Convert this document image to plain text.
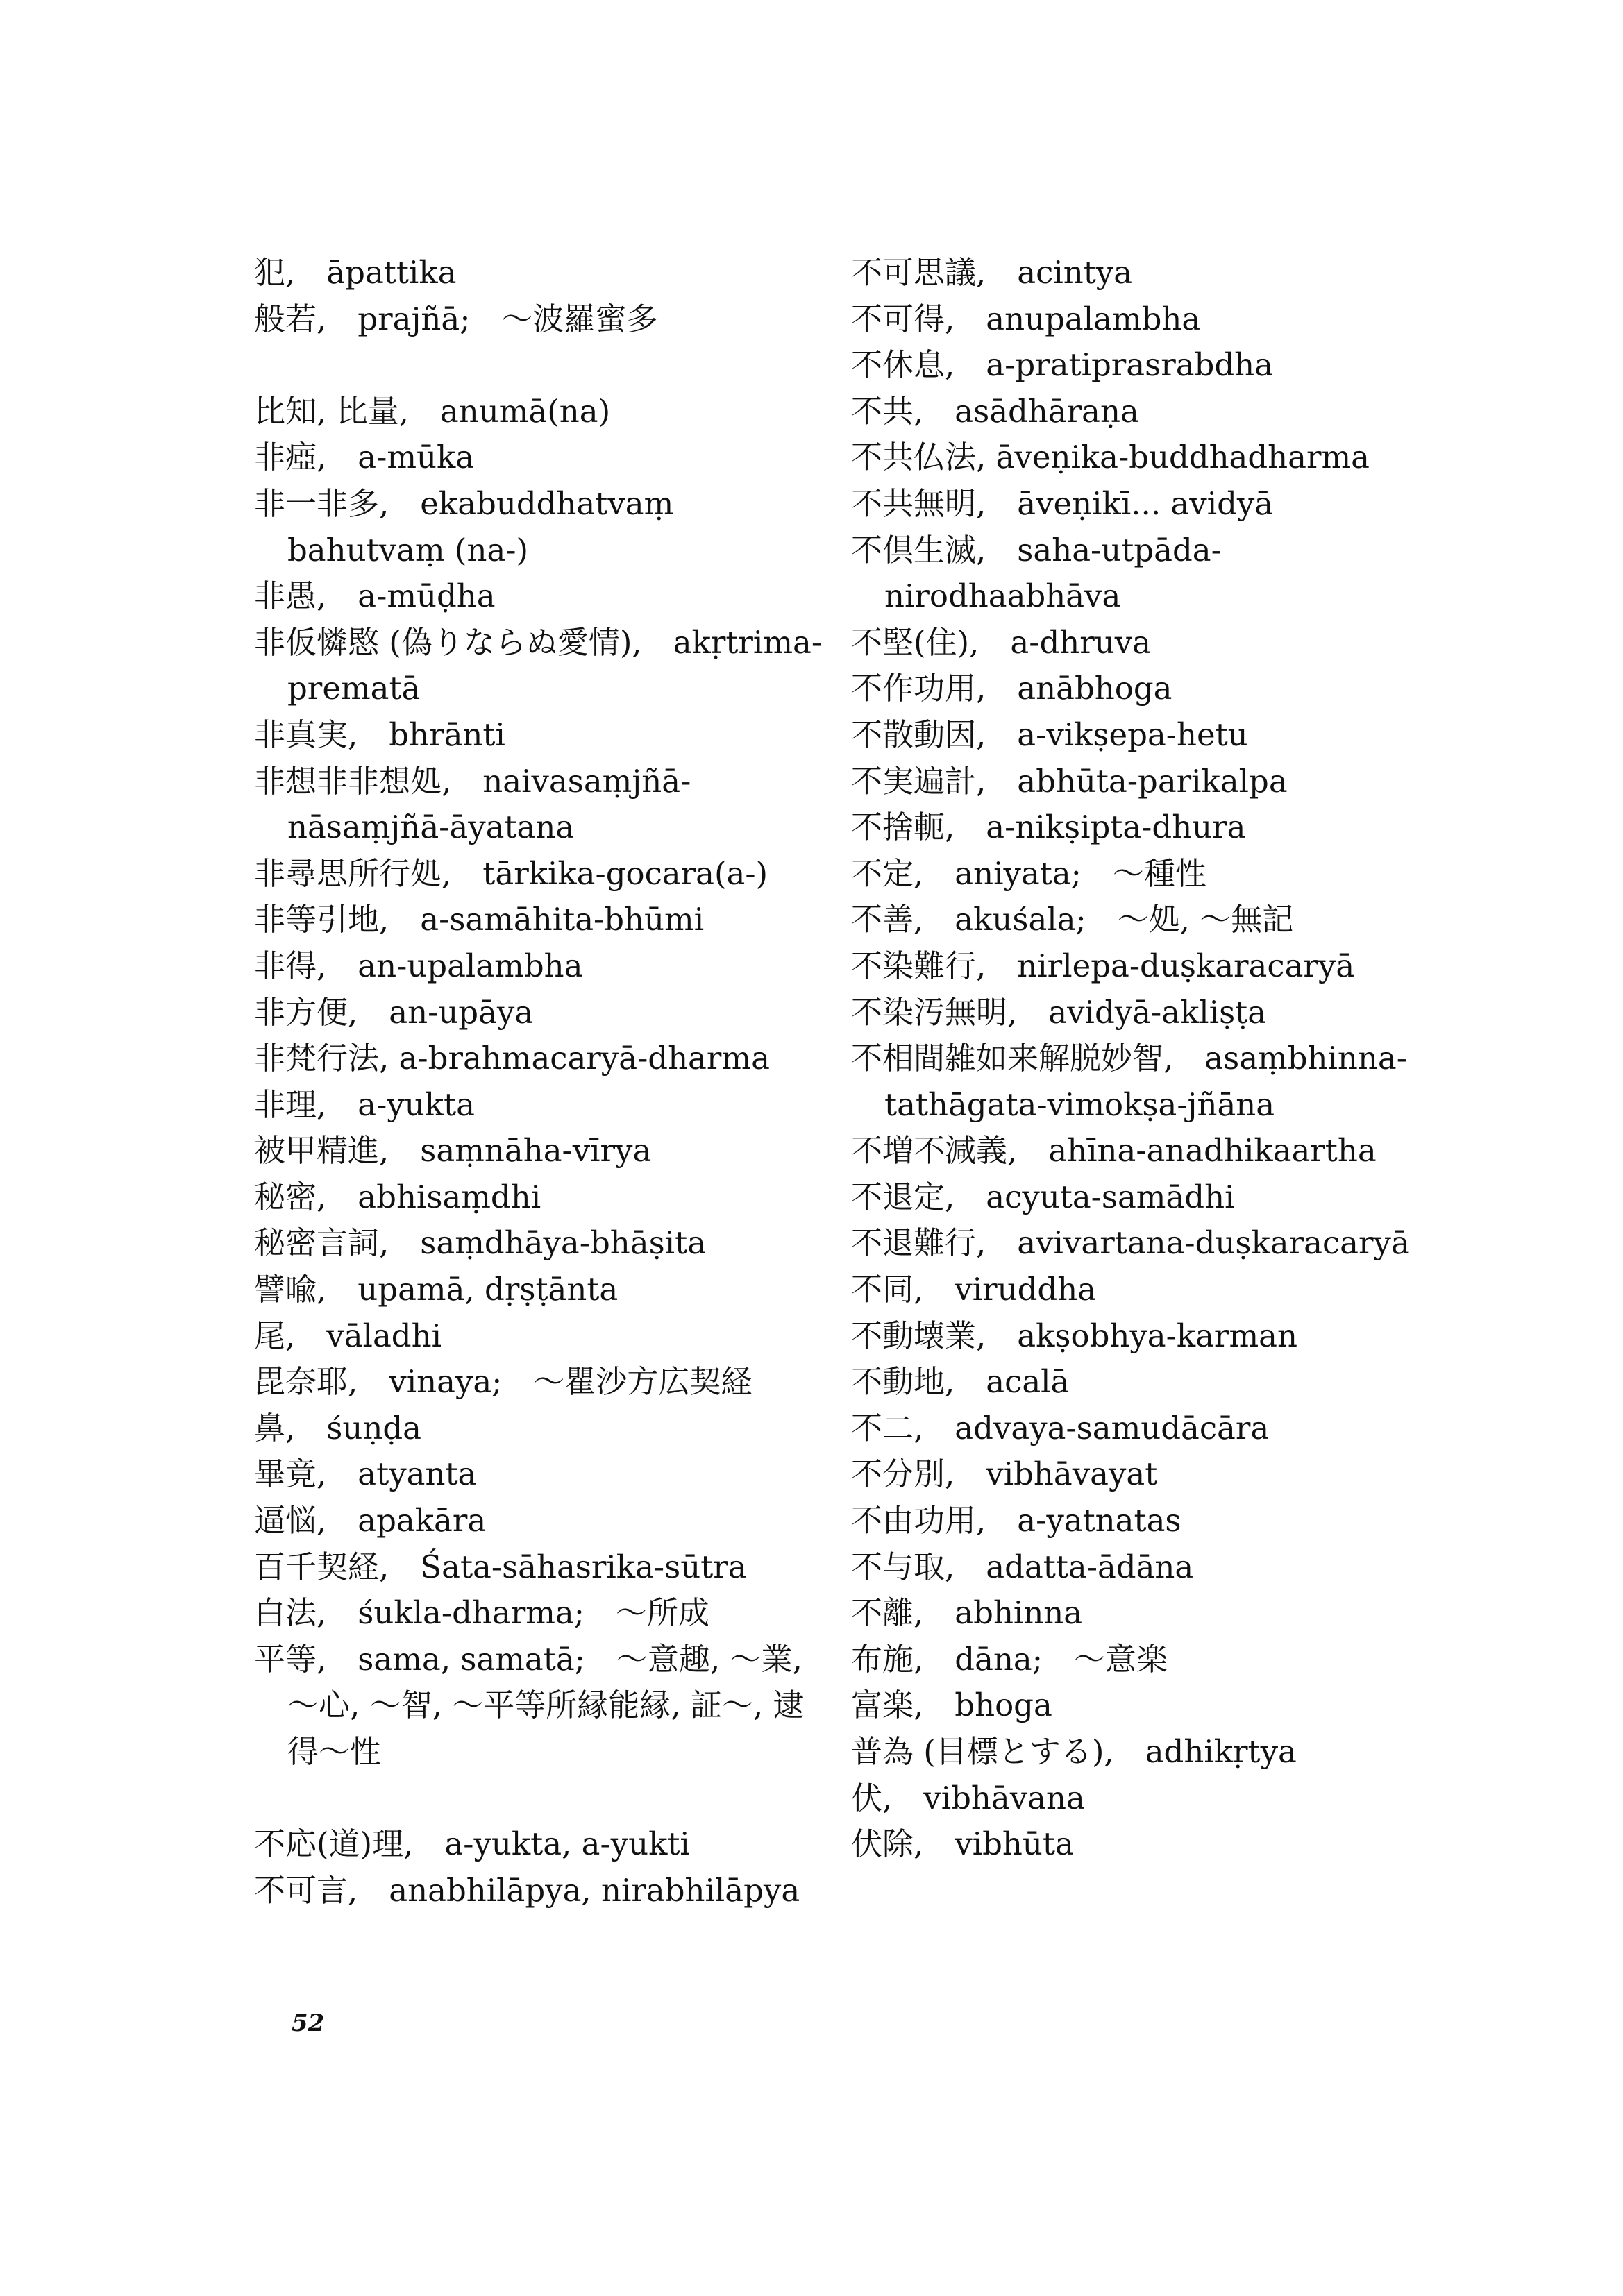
犯,　āpattika
般若,　prajñā;　〜波羅蜜多
比知, 比量,　anumā(na)
非瘂,　a-mūka
非一非多,　ekabuddhatvaṃ bahutvaṃ (na-)
非愚,　a-mūḍha
非仮憐愍 (偽りならぬ愛情),　akṛtrima-prematā
非真実,　bhrānti
非想非非想処,　naivasaṃjñā-nāsaṃjñā-āyatana
非尋思所行処,　tārkika-gocara(a-)
非等引地,　a-samāhita-bhūmi
非得,　an-upalambha
非方便,　an-upāya
非梵行法, a-brahmacaryā-dharma
非理,　a-yukta
被甲精進,　saṃnāha-vīrya
秘密,　abhisaṃdhi
秘密言詞,　saṃdhāya-bhāṣita
譬喩,　upamā, dṛṣṭānta
尾,　vāladhi
毘奈耶,　vinaya;　〜瞿沙方広契経
鼻,　śuṇḍa
畢竟,　atyanta
逼悩,　apakāra
百千契経,　Śata-sāhasrika-sūtra
白法,　śukla-dharma;　〜所成
平等,　sama, samatā;　〜意趣, 〜業, 〜心, 〜智, 〜平等所縁能縁, 証〜, 逮得〜性
不応(道)理,　a-yukta, a-yukti
不可言,　anabhilāpya, nirabhilāpya
不可思議,　acintya
不可得,　anupalambha
不休息,　a-pratiprasrabdha
不共,　asādhāraṇa
不共仏法, āveṇika-buddhadharma
不共無明,　āveṇikī... avidyā
不倶生滅,　saha-utpāda-nirodhaabhāva
不堅(住),　a-dhruva
不作功用,　anābhoga
不散動因,　a-vikṣepa-hetu
不実遍計,　abhūta-parikalpa
不捨軛,　a-nikṣipta-dhura
不定,　aniyata;　〜種性
不善,　akuśala;　〜処, 〜無記
不染難行,　nirlepa-duṣkaracaryā
不染汚無明,　avidyā-akliṣṭa
不相間雑如来解脱妙智,　asaṃbhinna-tathāgata-vimokṣa-jñāna
不増不減義,　ahīna-anadhikaartha
不退定,　acyuta-samādhi
不退難行,　avivartana-duṣkaracaryā
不同,　viruddha
不動壊業,　akṣobhya-karman
不動地,　acalā
不二,　advaya-samudācāra
不分別,　vibhāvayat
不由功用,　a-yatnatas
不与取,　adatta-ādāna
不離,　abhinna
布施,　dāna;　〜意楽
富楽,　bhoga
普為 (目標とする),　adhikṛtya
伏,　vibhāvana
伏除,　vibhūta
52
